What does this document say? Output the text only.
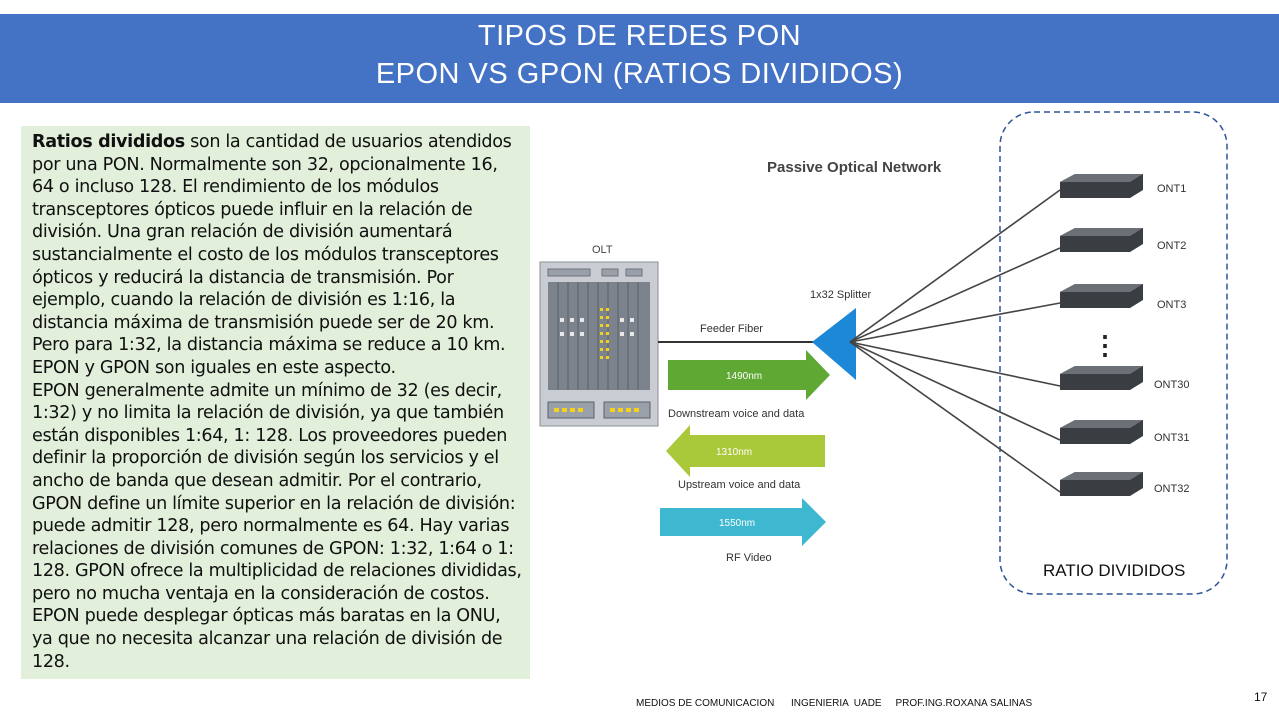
TIPOS DE REDES PON
EPON VS GPON (RATIOS DIVIDIDOS)
Ratios divididos son la cantidad de usuarios atendidos por una PON. Normalmente son 32, opcionalmente 16, 64 o incluso 128. El rendimiento de los módulos transceptores ópticos puede influir en la relación de división. Una gran relación de división aumentará sustancialmente el costo de los módulos transceptores ópticos y reducirá la distancia de transmisión. Por ejemplo, cuando la relación de división es 1:16, la distancia máxima de transmisión puede ser de 20 km. Pero para 1:32, la distancia máxima se reduce a 10 km. EPON y GPON son iguales en este aspecto.
EPON generalmente admite un mínimo de 32 (es decir, 1:32) y no limita la relación de división, ya que también están disponibles 1:64, 1: 128. Los proveedores pueden definir la proporción de división según los servicios y el ancho de banda que desean admitir. Por el contrario, GPON define un límite superior en la relación de división: puede admitir 128, pero normalmente es 64. Hay varias relaciones de división comunes de GPON: 1:32, 1:64 o 1: 128. GPON ofrece la multiplicidad de relaciones divididas, pero no mucha ventaja en la consideración de costos. EPON puede desplegar ópticas más baratas en la ONU, ya que no necesita alcanzar una relación de división de 128.
Passive Optical Network
OLT
Feeder Fiber
1x32 Splitter
ONT1
ONT2
ONT3
⋮
ONT30
ONT31
ONT32
1490nm
Downstream voice and data
1310nm
Upstream voice and data
1550nm
RF Video
RATIO DIVIDIDOS
MEDIOS DE COMUNICACION      INGENIERIA  UADE     PROF.ING.ROXANA SALINAS	17
